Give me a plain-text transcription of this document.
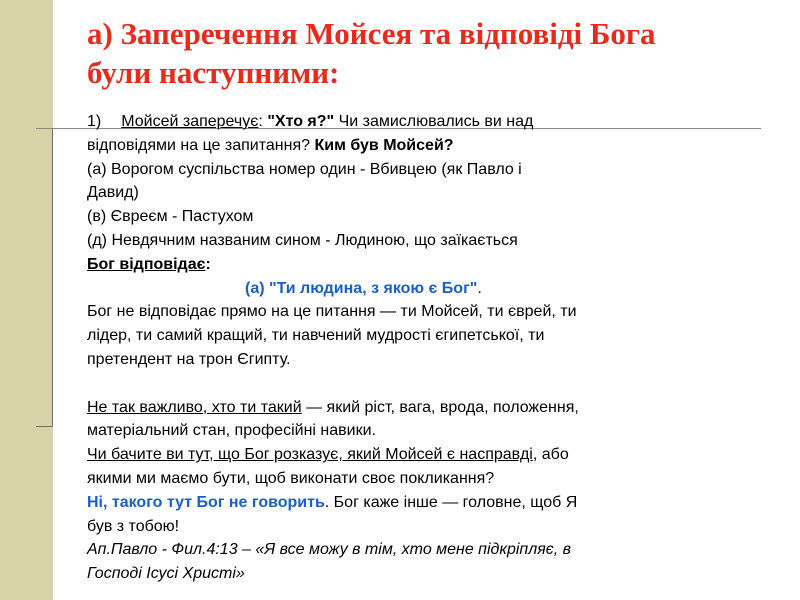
а) Заперечення Мойсея та відповіді Бога
були наступними:
1) Мойсей заперечує: "Хто я?" Чи замислювались ви над
відповідями на це запитання? Ким був Мойсей?
(а) Ворогом суспільства номер один - Вбивцею (як Павло і
Давид)
(в) Євреєм - Пастухом
(д) Невдячним названим сином - Людиною, що заїкається
Бог відповідає:
(а) "Ти людина, з якою є Бог".
Бог не відповідає прямо на це питання — ти Мойсей, ти єврей, ти
лідер, ти самий кращий, ти навчений мудрості єгипетської, ти
претендент на трон Єгипту.
Не так важливо, хто ти такий — який ріст, вага, врода, положення,
матеріальний стан, професійні навики.
Чи бачите ви тут, що Бог розказує, який Мойсей є насправді, або
якими ми маємо бути, щоб виконати своє покликання?
Ні, такого тут Бог не говорить. Бог каже інше — головне, щоб Я
був з тобою!
Ап.Павло - Фил.4:13 – «Я все можу в тім, хто мене підкріпляє, в
Господі Ісусі Христі»
